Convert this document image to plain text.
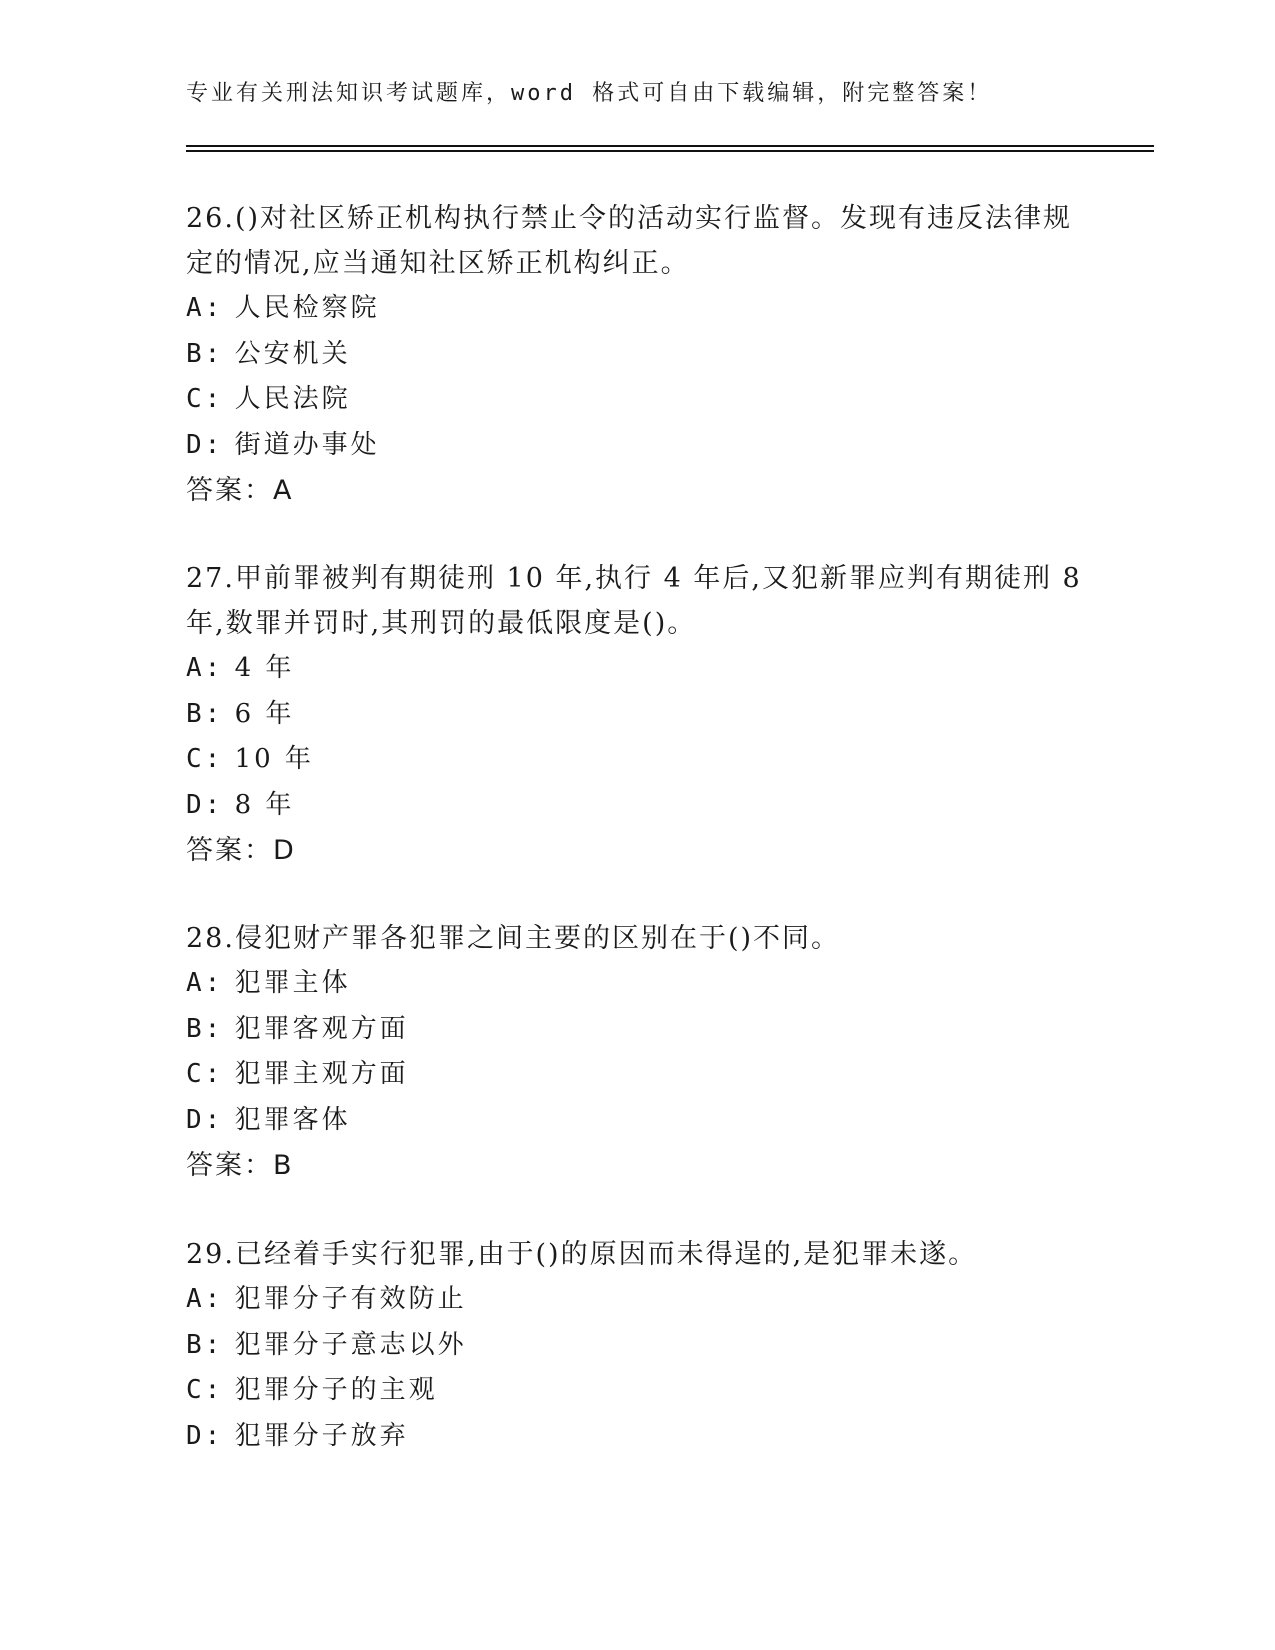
专业有关刑法知识考试题库，word 格式可自由下载编辑，附完整答案！

26.()对社区矫正机构执行禁止令的活动实行监督。发现有违反法律规定的情况,应当通知社区矫正机构纠正。

A: 人民检察院

B: 公安机关

C: 人民法院

D: 街道办事处

答案：A

27.甲前罪被判有期徒刑 10 年,执行 4 年后,又犯新罪应判有期徒刑 8 年,数罪并罚时,其刑罚的最低限度是()。

A: 4 年

B: 6 年

C: 10 年

D: 8 年

答案：D

28.侵犯财产罪各犯罪之间主要的区别在于()不同。

A: 犯罪主体

B: 犯罪客观方面

C: 犯罪主观方面

D: 犯罪客体

答案：B

29.已经着手实行犯罪,由于()的原因而未得逞的,是犯罪未遂。

A: 犯罪分子有效防止

B: 犯罪分子意志以外

C: 犯罪分子的主观

D: 犯罪分子放弃
